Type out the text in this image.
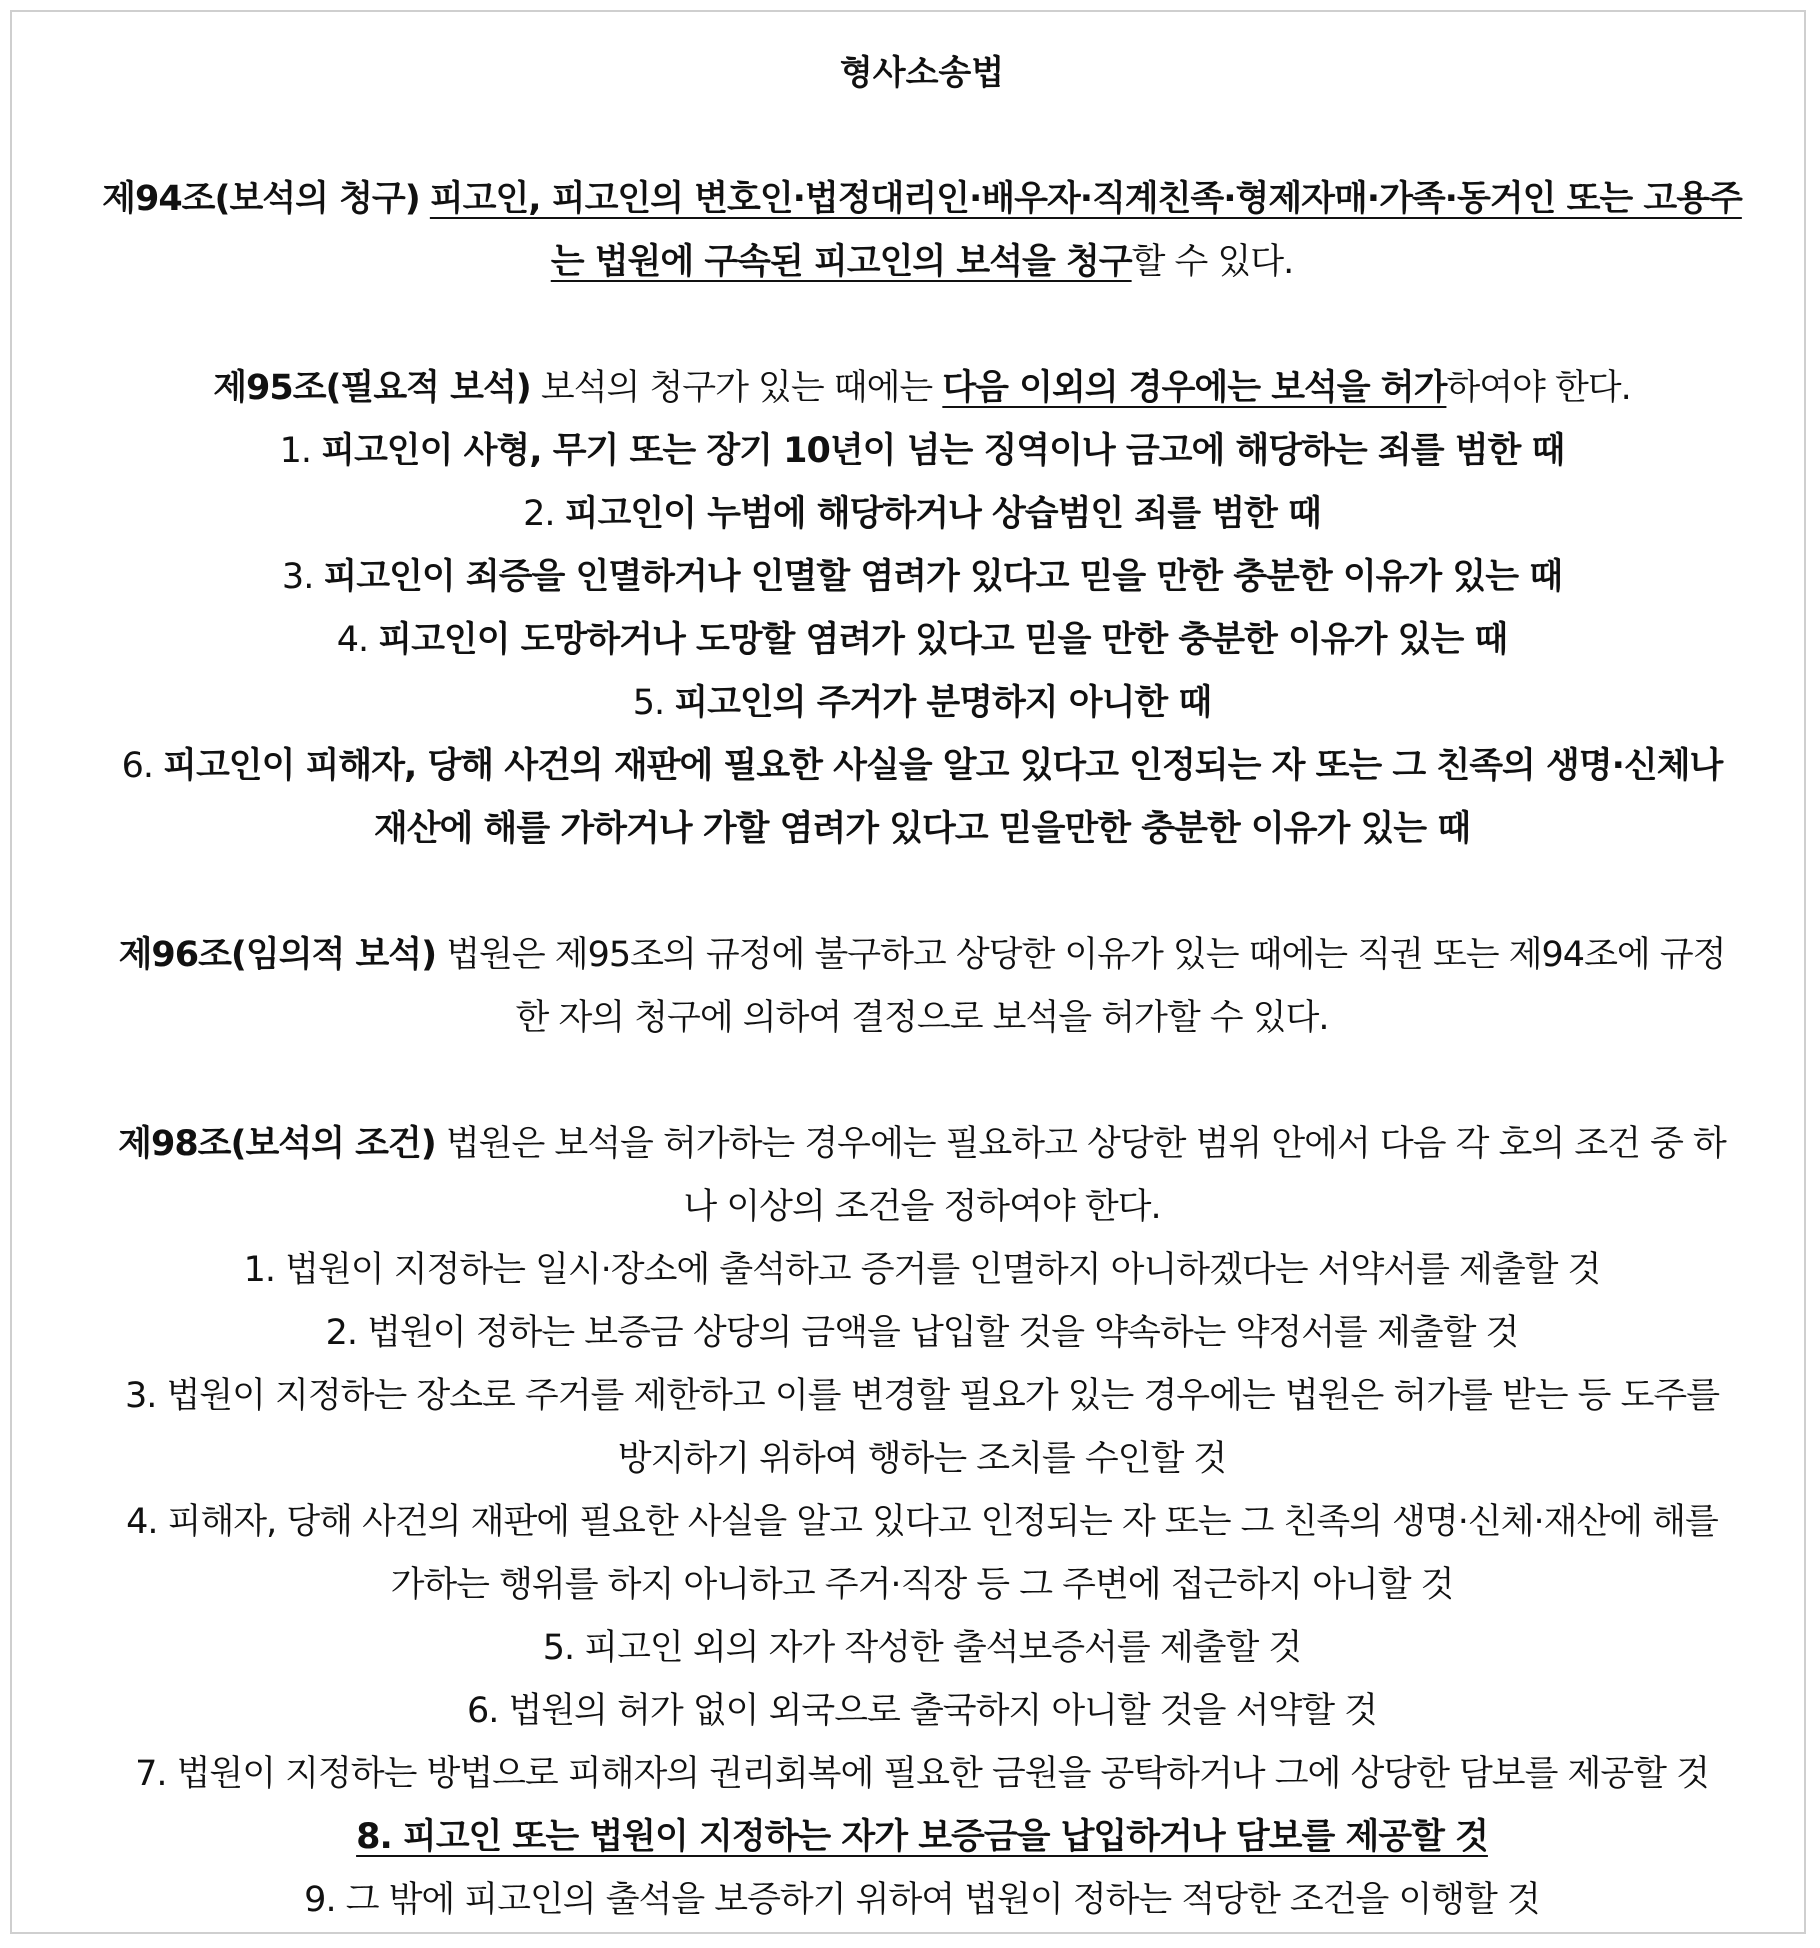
형사소송법
제94조(보석의 청구) 피고인, 피고인의 변호인·법정대리인·배우자·직계친족·형제자매·가족·동거인 또는 고용주
는 법원에 구속된 피고인의 보석을 청구할 수 있다.
제95조(필요적 보석) 보석의 청구가 있는 때에는 다음 이외의 경우에는 보석을 허가하여야 한다.
1. 피고인이 사형, 무기 또는 장기 10년이 넘는 징역이나 금고에 해당하는 죄를 범한 때
2. 피고인이 누범에 해당하거나 상습범인 죄를 범한 때
3. 피고인이 죄증을 인멸하거나 인멸할 염려가 있다고 믿을 만한 충분한 이유가 있는 때
4. 피고인이 도망하거나 도망할 염려가 있다고 믿을 만한 충분한 이유가 있는 때
5. 피고인의 주거가 분명하지 아니한 때
6. 피고인이 피해자, 당해 사건의 재판에 필요한 사실을 알고 있다고 인정되는 자 또는 그 친족의 생명·신체나
재산에 해를 가하거나 가할 염려가 있다고 믿을만한 충분한 이유가 있는 때
제96조(임의적 보석) 법원은 제95조의 규정에 불구하고 상당한 이유가 있는 때에는 직권 또는 제94조에 규정
한 자의 청구에 의하여 결정으로 보석을 허가할 수 있다.
제98조(보석의 조건) 법원은 보석을 허가하는 경우에는 필요하고 상당한 범위 안에서 다음 각 호의 조건 중 하
나 이상의 조건을 정하여야 한다.
1. 법원이 지정하는 일시·장소에 출석하고 증거를 인멸하지 아니하겠다는 서약서를 제출할 것
2. 법원이 정하는 보증금 상당의 금액을 납입할 것을 약속하는 약정서를 제출할 것
3. 법원이 지정하는 장소로 주거를 제한하고 이를 변경할 필요가 있는 경우에는 법원은 허가를 받는 등 도주를
방지하기 위하여 행하는 조치를 수인할 것
4. 피해자, 당해 사건의 재판에 필요한 사실을 알고 있다고 인정되는 자 또는 그 친족의 생명·신체·재산에 해를
가하는 행위를 하지 아니하고 주거·직장 등 그 주변에 접근하지 아니할 것
5. 피고인 외의 자가 작성한 출석보증서를 제출할 것
6. 법원의 허가 없이 외국으로 출국하지 아니할 것을 서약할 것
7. 법원이 지정하는 방법으로 피해자의 권리회복에 필요한 금원을 공탁하거나 그에 상당한 담보를 제공할 것
8. 피고인 또는 법원이 지정하는 자가 보증금을 납입하거나 담보를 제공할 것
9. 그 밖에 피고인의 출석을 보증하기 위하여 법원이 정하는 적당한 조건을 이행할 것
